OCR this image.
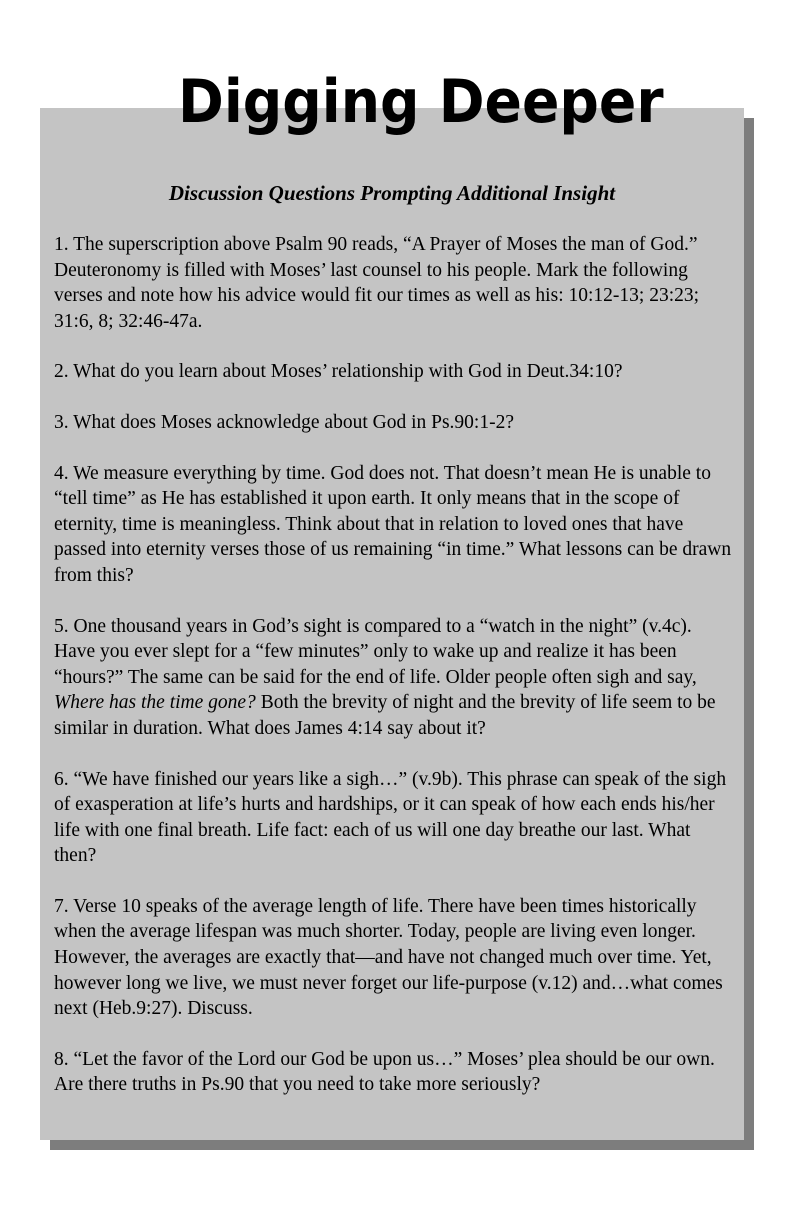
Digging Deeper
Discussion Questions Prompting Additional Insight

1. The superscription above Psalm 90 reads, “A Prayer of Moses the man of God.” Deuteronomy is filled with Moses’ last counsel to his people. Mark the following verses and note how his advice would fit our times as well as his: 10:12-13; 23:23; 31:6, 8; 32:46-47a.

2. What do you learn about Moses’ relationship with God in Deut.34:10?

3. What does Moses acknowledge about God in Ps.90:1-2?

4. We measure everything by time. God does not. That doesn’t mean He is unable to “tell time” as He has established it upon earth. It only means that in the scope of eternity, time is meaningless. Think about that in relation to loved ones that have passed into eternity verses those of us remaining “in time.” What lessons can be drawn from this?

5. One thousand years in God’s sight is compared to a “watch in the night” (v.4c). Have you ever slept for a “few minutes” only to wake up and realize it has been “hours?” The same can be said for the end of life. Older people often sigh and say, Where has the time gone? Both the brevity of night and the brevity of life seem to be similar in duration. What does James 4:14 say about it?

6. “We have finished our years like a sigh…” (v.9b). This phrase can speak of the sigh of exasperation at life’s hurts and hardships, or it can speak of how each ends his/her life with one final breath. Life fact: each of us will one day breathe our last. What then?

7. Verse 10 speaks of the average length of life. There have been times historically when the average lifespan was much shorter. Today, people are living even longer. However, the averages are exactly that—and have not changed much over time. Yet, however long we live, we must never forget our life-purpose (v.12) and…what comes next (Heb.9:27). Discuss.

8. “Let the favor of the Lord our God be upon us…” Moses’ plea should be our own. Are there truths in Ps.90 that you need to take more seriously?
